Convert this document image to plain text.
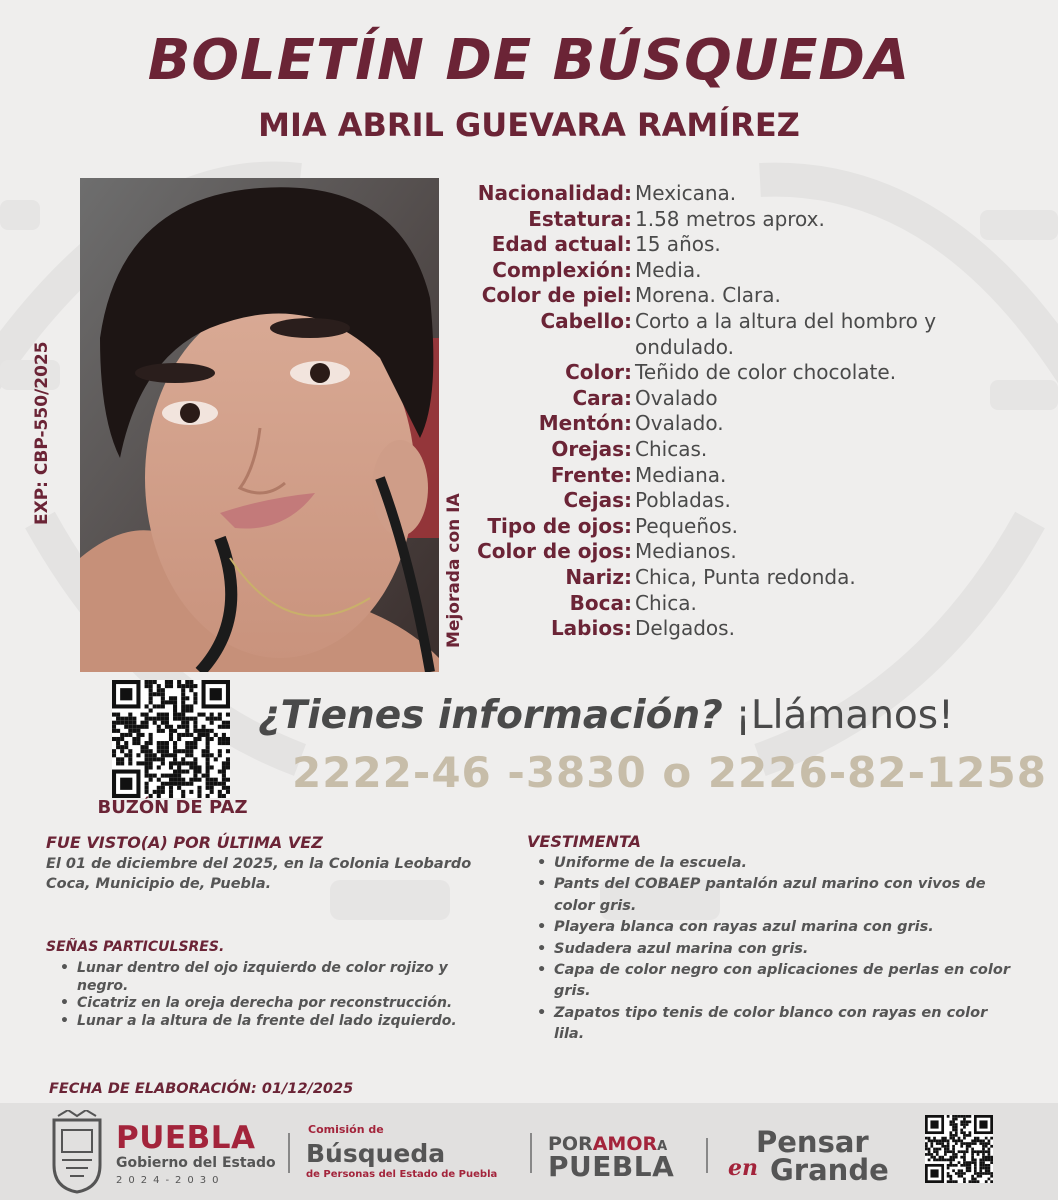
BOLETÍN DE BÚSQUEDA
MIA ABRIL GUEVARA RAMÍREZ
EXP: CBP-550/2025
Mejorada con IA
Nacionalidad: Mexicana.
Estatura: 1.58 metros aprox.
Edad actual: 15 años.
Complexión: Media.
Color de piel: Morena. Clara.
Cabello: Corto a la altura del hombro y ondulado.
Color: Teñido de color chocolate.
Cara: Ovalado
Mentón: Ovalado.
Orejas: Chicas.
Frente: Mediana.
Cejas: Pobladas.
Tipo de ojos: Pequeños.
Color de ojos: Medianos.
Nariz: Chica, Punta redonda.
Boca: Chica.
Labios: Delgados.
BUZÓN DE PAZ
¿Tienes información? ¡Llámanos!
2222-46 -3830 o 2226-82-1258
FUE VISTO(A) POR ÚLTIMA VEZ
El 01 de diciembre del 2025, en la Colonia Leobardo Coca, Municipio de, Puebla.
SEÑAS PARTICULSRES.
• Lunar dentro del ojo izquierdo de color rojizo y negro.
• Cicatriz en la oreja derecha por reconstrucción.
• Lunar a la altura de la frente del lado izquierdo.
VESTIMENTA
• Uniforme de la escuela.
• Pants del COBAEP pantalón azul marino con vivos de color gris.
• Playera blanca con rayas azul marina con gris.
• Sudadera azul marina con gris.
• Capa de color negro con aplicaciones de perlas en color gris.
• Zapatos tipo tenis de color blanco con rayas en color lila.
FECHA DE ELABORACIÓN: 01/12/2025
PUEBLA
Gobierno del Estado
2024-2030
Comisión de
Búsqueda
de Personas del Estado de Puebla
PORAMORA
PUEBLA
Pensar
en Grande
